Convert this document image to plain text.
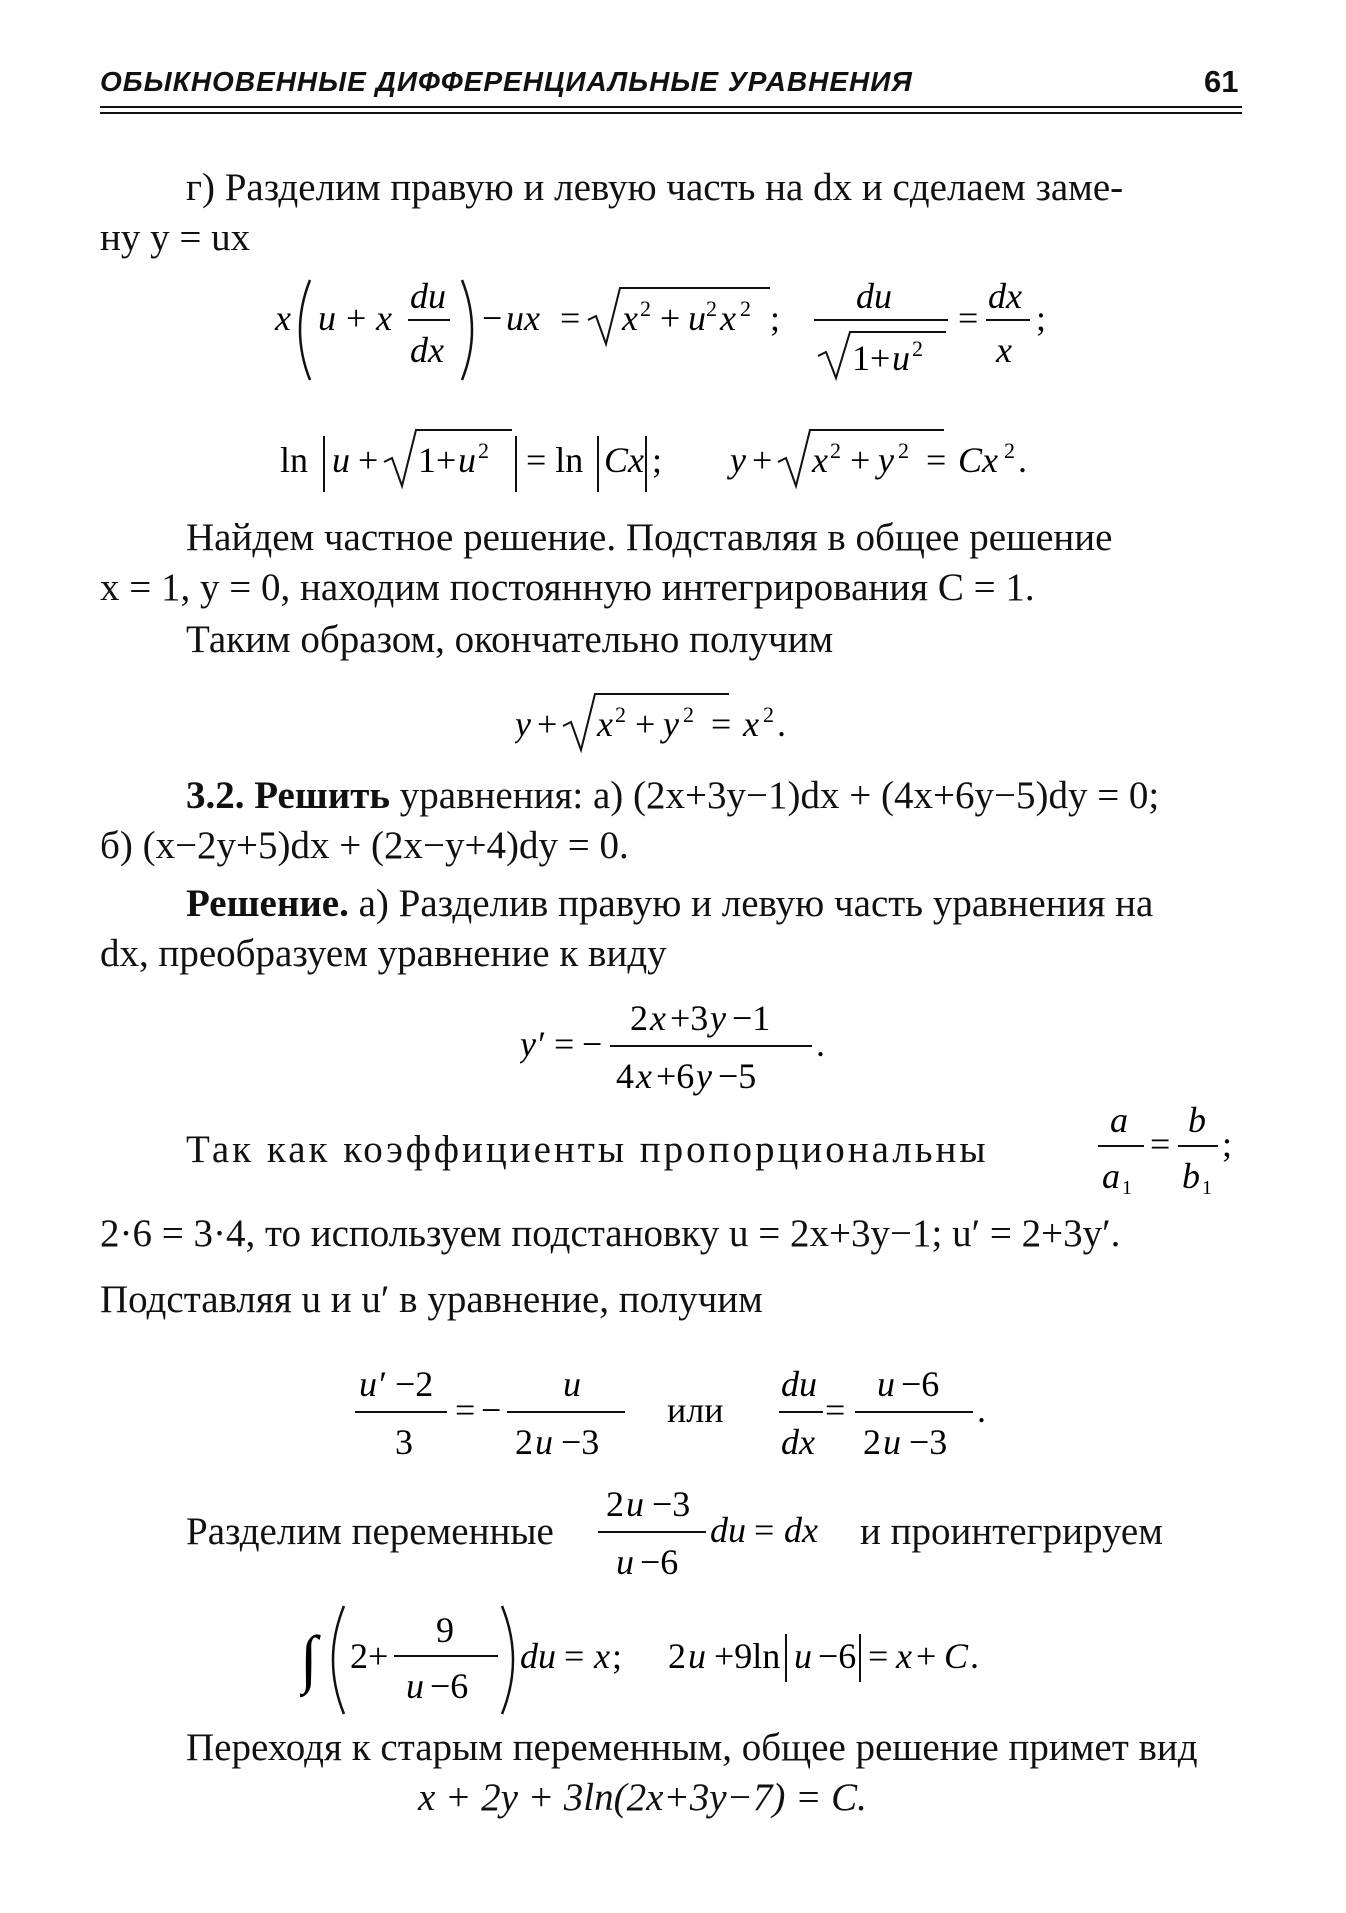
ОБЫКНОВЕННЫЕ ДИФФЕРЕНЦИАЛЬНЫЕ УРАВНЕНИЯ	61
г) Разделим правую и левую часть на dx и сделаем заме-
ну y = ux
x u + x
du
dx
− ux = x 2 + u 2 x 2 ;
du
1+ u 2
=
dx
x
;
ln u + 1+ u 2 = ln Cx ; y + x 2 + y 2 = Cx 2 .
Найдем частное решение. Подставляя в общее решение
x = 1, y = 0, находим постоянную интегрирования C = 1.
Таким образом, окончательно получим
y + x 2 + y 2 = x 2 .
3.2. Решить уравнения: а) (2x+3y−1)dx + (4x+6y−5)dy = 0;
б) (x−2y+5)dx + (2x−y+4)dy = 0.
Решение. а) Разделив правую и левую часть уравнения на
dx, преобразуем уравнение к виду
y′ = −
2 x +3 y −1
4 x +6 y −5
.
Так как коэффициенты пропорциональны
a
a 1
=
b
b 1
;
2·6 = 3·4, то используем подстановку u = 2x+3y−1; u′ = 2+3y′.
Подставляя u и u′ в уравнение, получим
u′ −2
3
= −
u
2 u −3
или
du
dx
=
u −6
2 u −3
.
Разделим переменные
2 u −3
u −6
du = dx и проинтегрируем
∫ 2+
9
u −6
du = x ; 2 u +9ln u −6 = x + C .
Переходя к старым переменным, общее решение примет вид
x + 2y + 3ln(2x+3y−7) = C.
